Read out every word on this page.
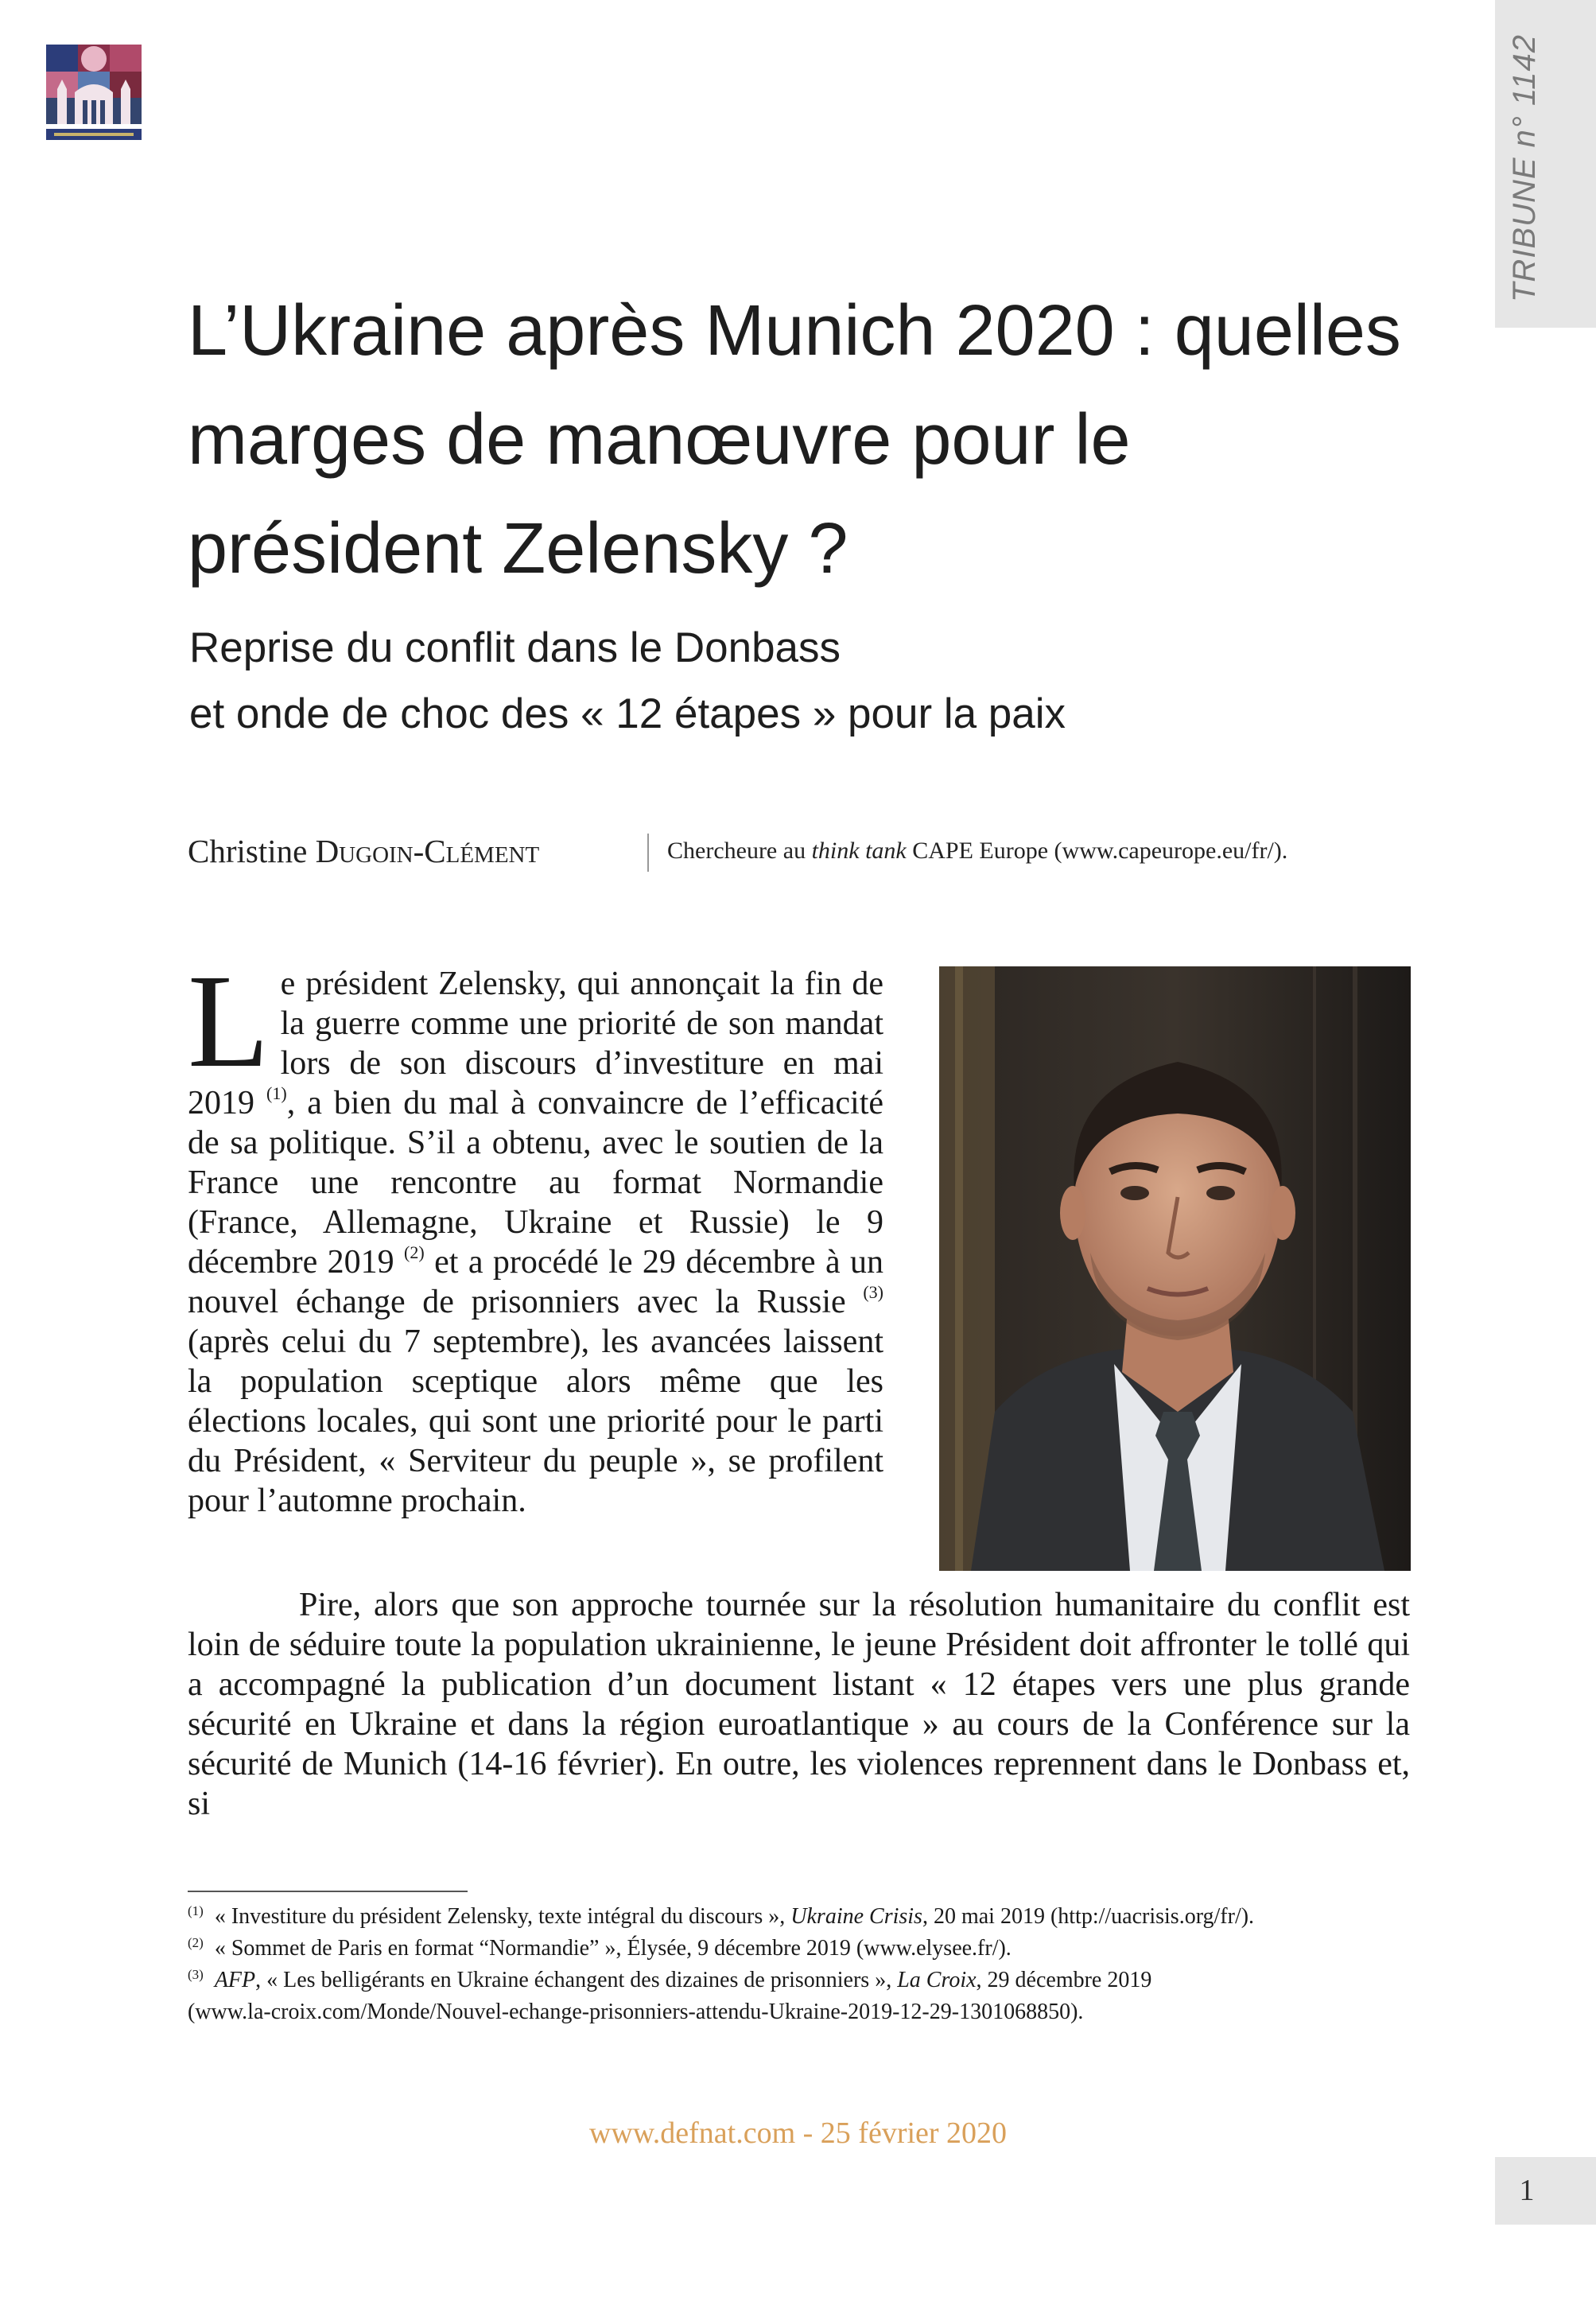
TRIBUNE n° 1142
L’Ukraine après Munich 2020 : quelles marges de manœuvre pour le président Zelensky ?
Reprise du conflit dans le Donbass
et onde de choc des « 12 étapes » pour la paix
Christine Dugoin-Clément	Chercheure au think tank CAPE Europe (www.capeurope.eu/fr/).
Le président Zelensky, qui annonçait la fin de la guerre comme une priorité de son mandat lors de son discours d’investiture en mai 2019 $^{(1)}$, a bien du mal à convaincre de l’efficacité de sa politique. S’il a obtenu, avec le soutien de la France une rencontre au format Normandie (France, Allemagne, Ukraine et Russie) le 9 décembre 2019 $^{(2)}$ et a procédé le 29 décembre à un nouvel échange de prisonniers avec la Russie $^{(3)}$ (après celui du 7 septembre), les avancées laissent la population sceptique alors même que les élections locales, qui sont une priorité pour le parti du Président, « Serviteur du peuple », se profilent pour l’automne prochain.

Pire, alors que son approche tournée sur la résolution humanitaire du conflit est loin de séduire toute la population ukrainienne, le jeune Président doit affronter le tollé qui a accompagné la publication d’un document listant « 12 étapes vers une plus grande sécurité en Ukraine et dans la région euroatlantique » au cours de la Conférence sur la sécurité de Munich (14-16 février). En outre, les violences reprennent dans le Donbass et, si

$^{(1)}$ « Investiture du président Zelensky, texte intégral du discours », Ukraine Crisis, 20 mai 2019 (http://uacrisis.org/fr/).

$^{(2)}$ « Sommet de Paris en format “Normandie” », Élysée, 9 décembre 2019 (www.elysee.fr/).

$^{(3)}$ AFP, « Les belligérants en Ukraine échangent des dizaines de prisonniers », La Croix, 29 décembre 2019
(www.la-croix.com/Monde/Nouvel-echange-prisonniers-attendu-Ukraine-2019-12-29-1301068850).

www.defnat.com - 25 février 2020
1
